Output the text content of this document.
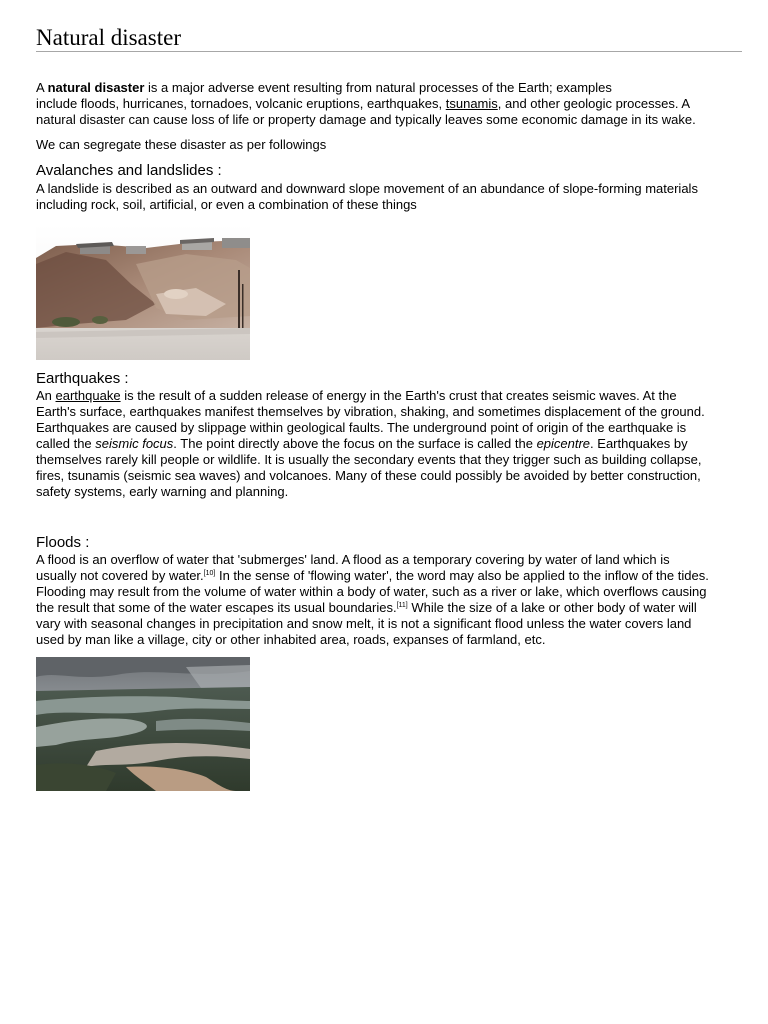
Natural disaster
A natural disaster is a major adverse event resulting from natural processes of the Earth; examples
include floods, hurricanes, tornadoes, volcanic eruptions, earthquakes, tsunamis, and other geologic processes. A
natural disaster can cause loss of life or property damage and typically leaves some economic damage in its wake.
We can segregate these disaster as per followings
Avalanches and landslides :
A landslide is described as an outward and downward slope movement of an abundance of slope-forming materials
including rock, soil, artificial, or even a combination of these things
Earthquakes :
An earthquake is the result of a sudden release of energy in the Earth's crust that creates seismic waves. At the
Earth's surface, earthquakes manifest themselves by vibration, shaking, and sometimes displacement of the ground.
Earthquakes are caused by slippage within geological faults. The underground point of origin of the earthquake is
called the seismic focus. The point directly above the focus on the surface is called the epicentre. Earthquakes by
themselves rarely kill people or wildlife. It is usually the secondary events that they trigger such as building collapse,
fires, tsunamis (seismic sea waves) and volcanoes. Many of these could possibly be avoided by better construction,
safety systems, early warning and planning.
Floods :
A flood is an overflow of water that 'submerges' land. A flood as a temporary covering by water of land which is
usually not covered by water.[10] In the sense of 'flowing water', the word may also be applied to the inflow of the tides.
Flooding may result from the volume of water within a body of water, such as a river or lake, which overflows causing
the result that some of the water escapes its usual boundaries.[11] While the size of a lake or other body of water will
vary with seasonal changes in precipitation and snow melt, it is not a significant flood unless the water covers land
used by man like a village, city or other inhabited area, roads, expanses of farmland, etc.
